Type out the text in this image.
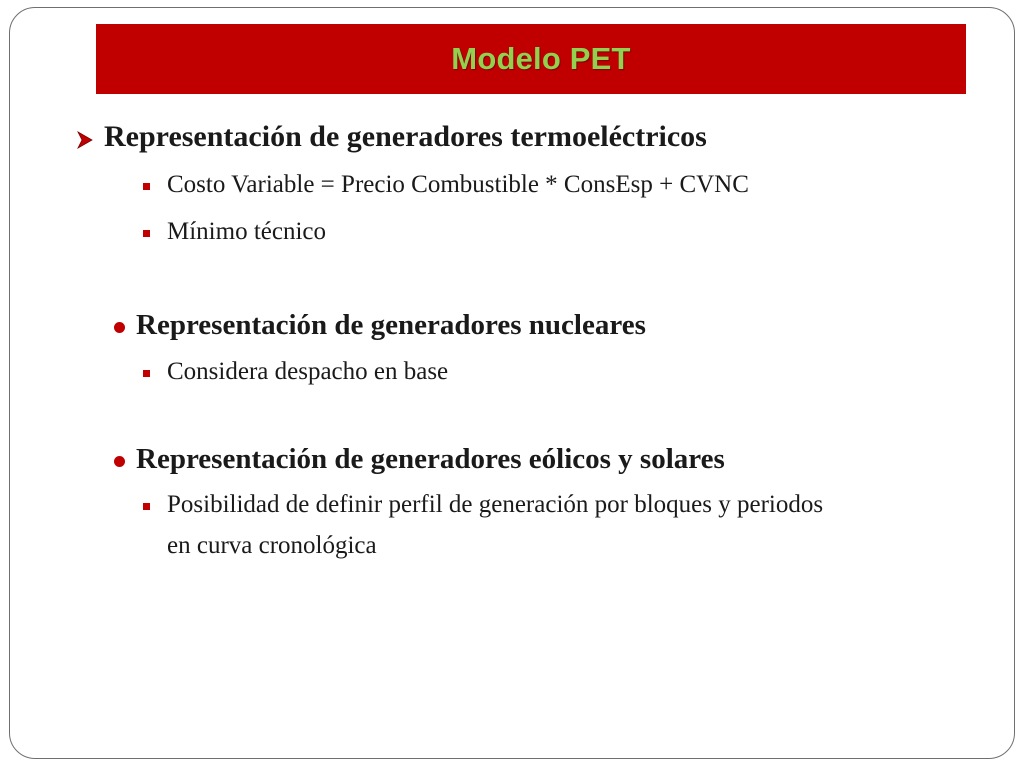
Modelo PET
Representación de generadores termoeléctricos
Costo Variable = Precio Combustible * ConsEsp + CVNC
Mínimo técnico
Representación de generadores nucleares
Considera despacho en base
Representación de generadores eólicos y solares
Posibilidad de definir perfil de generación por bloques y periodos
en curva cronológica
